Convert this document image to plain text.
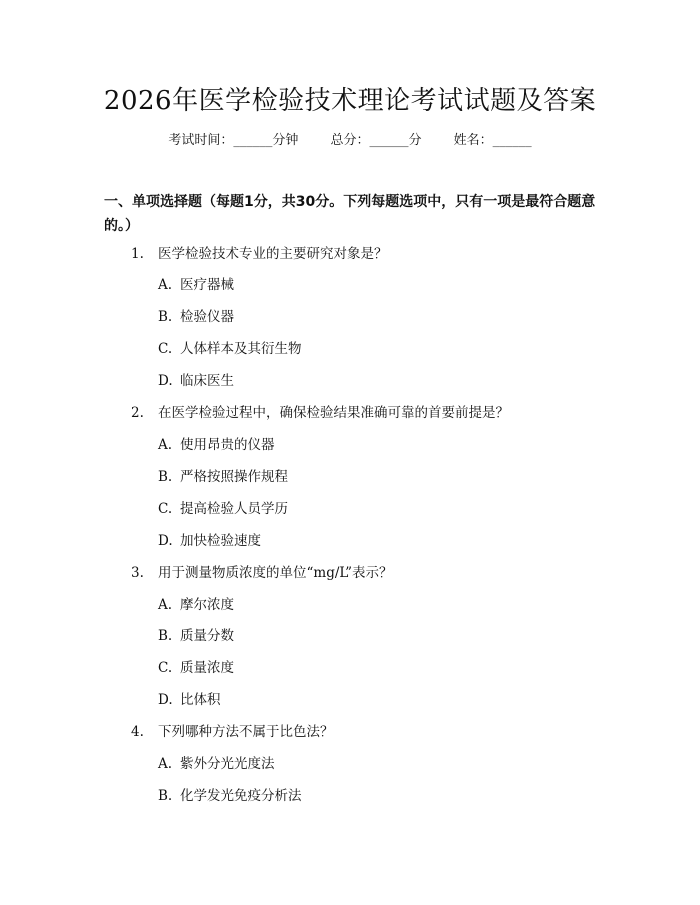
2026年医学检验技术理论考试试题及答案
考试时间：______分钟 总分：______分 姓名：______
一、单项选择题（每题1分，共30分。下列每题选项中，只有一项是最符合题意的。）
1. 医学检验技术专业的主要研究对象是？
A. 医疗器械
B. 检验仪器
C. 人体样本及其衍生物
D. 临床医生
2. 在医学检验过程中，确保检验结果准确可靠的首要前提是？
A. 使用昂贵的仪器
B. 严格按照操作规程
C. 提高检验人员学历
D. 加快检验速度
3. 用于测量物质浓度的单位“mg/L”表示？
A. 摩尔浓度
B. 质量分数
C. 质量浓度
D. 比体积
4. 下列哪种方法不属于比色法？
A. 紫外分光光度法
B. 化学发光免疫分析法
